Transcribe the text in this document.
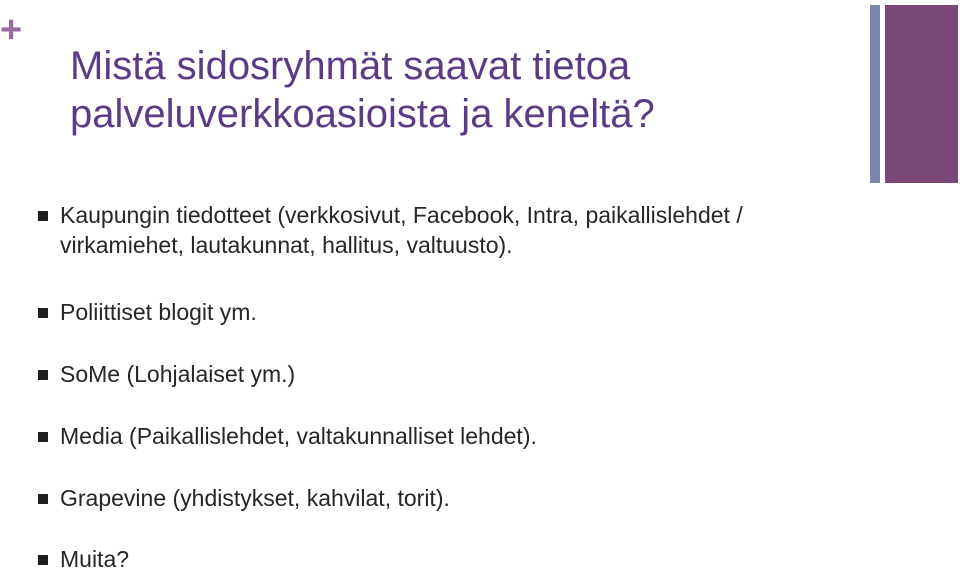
+
Mistä sidosryhmät saavat tietoa
palveluverkkoasioista ja keneltä?
Kaupungin tiedotteet (verkkosivut, Facebook, Intra, paikallislehdet / virkamiehet, lautakunnat, hallitus, valtuusto).
Poliittiset blogit ym.
SoMe (Lohjalaiset ym.)
Media (Paikallislehdet, valtakunnalliset lehdet).
Grapevine (yhdistykset, kahvilat, torit).
Muita?
